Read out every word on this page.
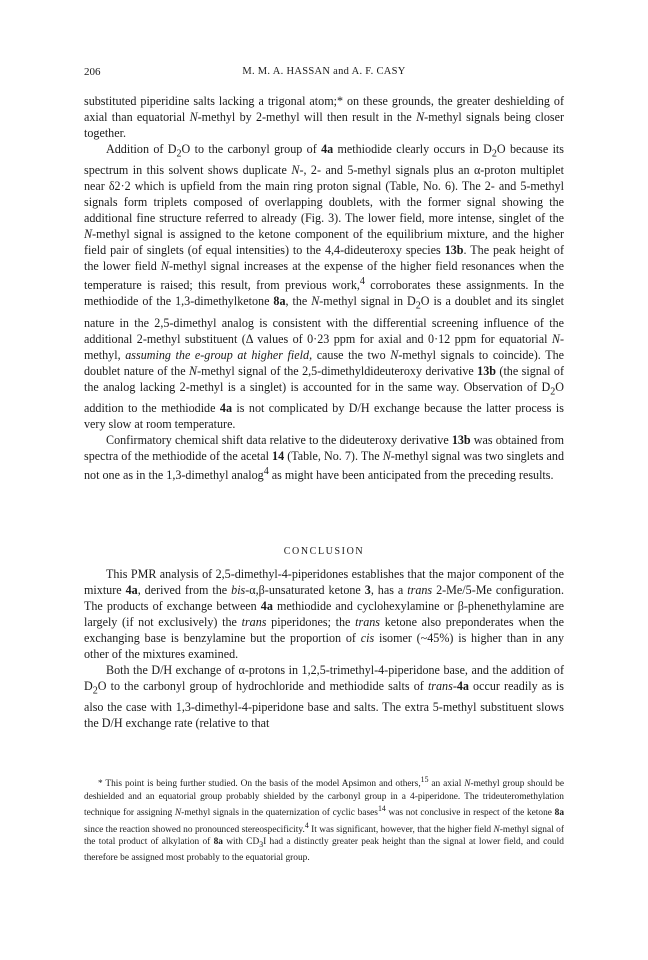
206	M. M. A. HASSAN and A. F. CASY

substituted piperidine salts lacking a trigonal atom;* on these grounds, the greater deshielding of axial than equatorial N-methyl by 2-methyl will then result in the N-methyl signals being closer together.

Addition of $D_2O$ to the carbonyl group of 4a methiodide clearly occurs in $D_2O$ because its spectrum in this solvent shows duplicate N-, 2- and 5-methyl signals plus an α-proton multiplet near δ2·2 which is upfield from the main ring proton signal (Table, No. 6). The 2- and 5-methyl signals form triplets composed of overlapping doublets, with the former signal showing the additional fine structure referred to already (Fig. 3). The lower field, more intense, singlet of the N-methyl signal is assigned to the ketone component of the equilibrium mixture, and the higher field pair of singlets (of equal intensities) to the 4,4-dideuteroxy species 13b. The peak height of the lower field N-methyl signal increases at the expense of the higher field resonances when the temperature is raised; this result, from previous work,$^4$ corroborates these assignments. In the methiodide of the 1,3-dimethylketone 8a, the N-methyl signal in $D_2O$ is a doublet and its singlet nature in the 2,5-dimethyl analog is consistent with the differential screening influence of the additional 2-methyl substituent (Δ values of 0·23 ppm for axial and 0·12 ppm for equatorial N-methyl, assuming the e-group at higher field, cause the two N-methyl signals to coincide). The doublet nature of the N-methyl signal of the 2,5-dimethyldideuteroxy derivative 13b (the signal of the analog lacking 2-methyl is a singlet) is accounted for in the same way. Observation of $D_2O$ addition to the methiodide 4a is not complicated by D/H exchange because the latter process is very slow at room temperature.

Confirmatory chemical shift data relative to the dideuteroxy derivative 13b was obtained from spectra of the methiodide of the acetal 14 (Table, No. 7). The N-methyl signal was two singlets and not one as in the 1,3-dimethyl analog$^4$ as might have been anticipated from the preceding results.

CONCLUSION

This PMR analysis of 2,5-dimethyl-4-piperidones establishes that the major component of the mixture 4a, derived from the bis-α,β-unsaturated ketone 3, has a trans 2-Me/5-Me configuration. The products of exchange between 4a methiodide and cyclohexylamine or β-phenethylamine are largely (if not exclusively) the trans piperidones; the trans ketone also preponderates when the exchanging base is benzylamine but the proportion of cis isomer (~45%) is higher than in any other of the mixtures examined.

Both the D/H exchange of α-protons in 1,2,5-trimethyl-4-piperidone base, and the addition of $D_2O$ to the carbonyl group of hydrochloride and methiodide salts of trans-4a occur readily as is also the case with 1,3-dimethyl-4-piperidone base and salts. The extra 5-methyl substituent slows the D/H exchange rate (relative to that

* This point is being further studied. On the basis of the model Apsimon and others,$^{15}$ an axial N-methyl group should be deshielded and an equatorial group probably shielded by the carbonyl group in a 4-piperidone. The trideuteromethylation technique for assigning N-methyl signals in the quaternization of cyclic bases$^{14}$ was not conclusive in respect of the ketone 8a since the reaction showed no pronounced stereospecificity.$^4$ It was significant, however, that the higher field N-methyl signal of the total product of alkylation of 8a with $CD_3I$ had a distinctly greater peak height than the signal at lower field, and could therefore be assigned most probably to the equatorial group.
